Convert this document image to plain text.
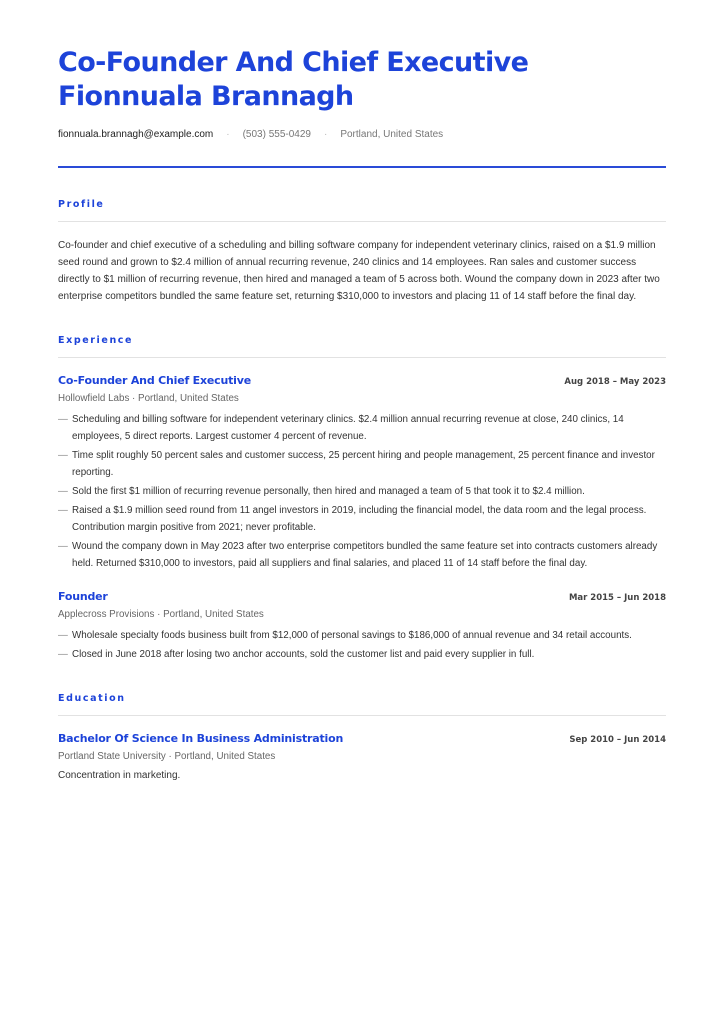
Co-Founder And Chief Executive
Fionnuala Brannagh
fionnuala.brannagh@example.com · (503) 555-0429 · Portland, United States
Profile

Co-founder and chief executive of a scheduling and billing software company for independent veterinary clinics, raised on a $1.9 million seed round and grown to $2.4 million of annual recurring revenue, 240 clinics and 14 employees. Ran sales and customer success directly to $1 million of recurring revenue, then hired and managed a team of 5 across both. Wound the company down in 2023 after two enterprise competitors bundled the same feature set, returning $310,000 to investors and placing 11 of 14 staff before the final day.

Experience
Co-Founder And Chief Executive	Aug 2018 – May 2023
Hollowfield Labs · Portland, United States
— Scheduling and billing software for independent veterinary clinics. $2.4 million annual recurring revenue at close, 240 clinics, 14 employees, 5 direct reports. Largest customer 4 percent of revenue.
— Time split roughly 50 percent sales and customer success, 25 percent hiring and people management, 25 percent finance and investor reporting.
— Sold the first $1 million of recurring revenue personally, then hired and managed a team of 5 that took it to $2.4 million.
— Raised a $1.9 million seed round from 11 angel investors in 2019, including the financial model, the data room and the legal process. Contribution margin positive from 2021; never profitable.
— Wound the company down in May 2023 after two enterprise competitors bundled the same feature set into contracts customers already held. Returned $310,000 to investors, paid all suppliers and final salaries, and placed 11 of 14 staff before the final day.
Founder	Mar 2015 – Jun 2018
Applecross Provisions · Portland, United States
— Wholesale specialty foods business built from $12,000 of personal savings to $186,000 of annual revenue and 34 retail accounts.
— Closed in June 2018 after losing two anchor accounts, sold the customer list and paid every supplier in full.
Education
Bachelor Of Science In Business Administration	Sep 2010 – Jun 2014
Portland State University · Portland, United States
Concentration in marketing.
